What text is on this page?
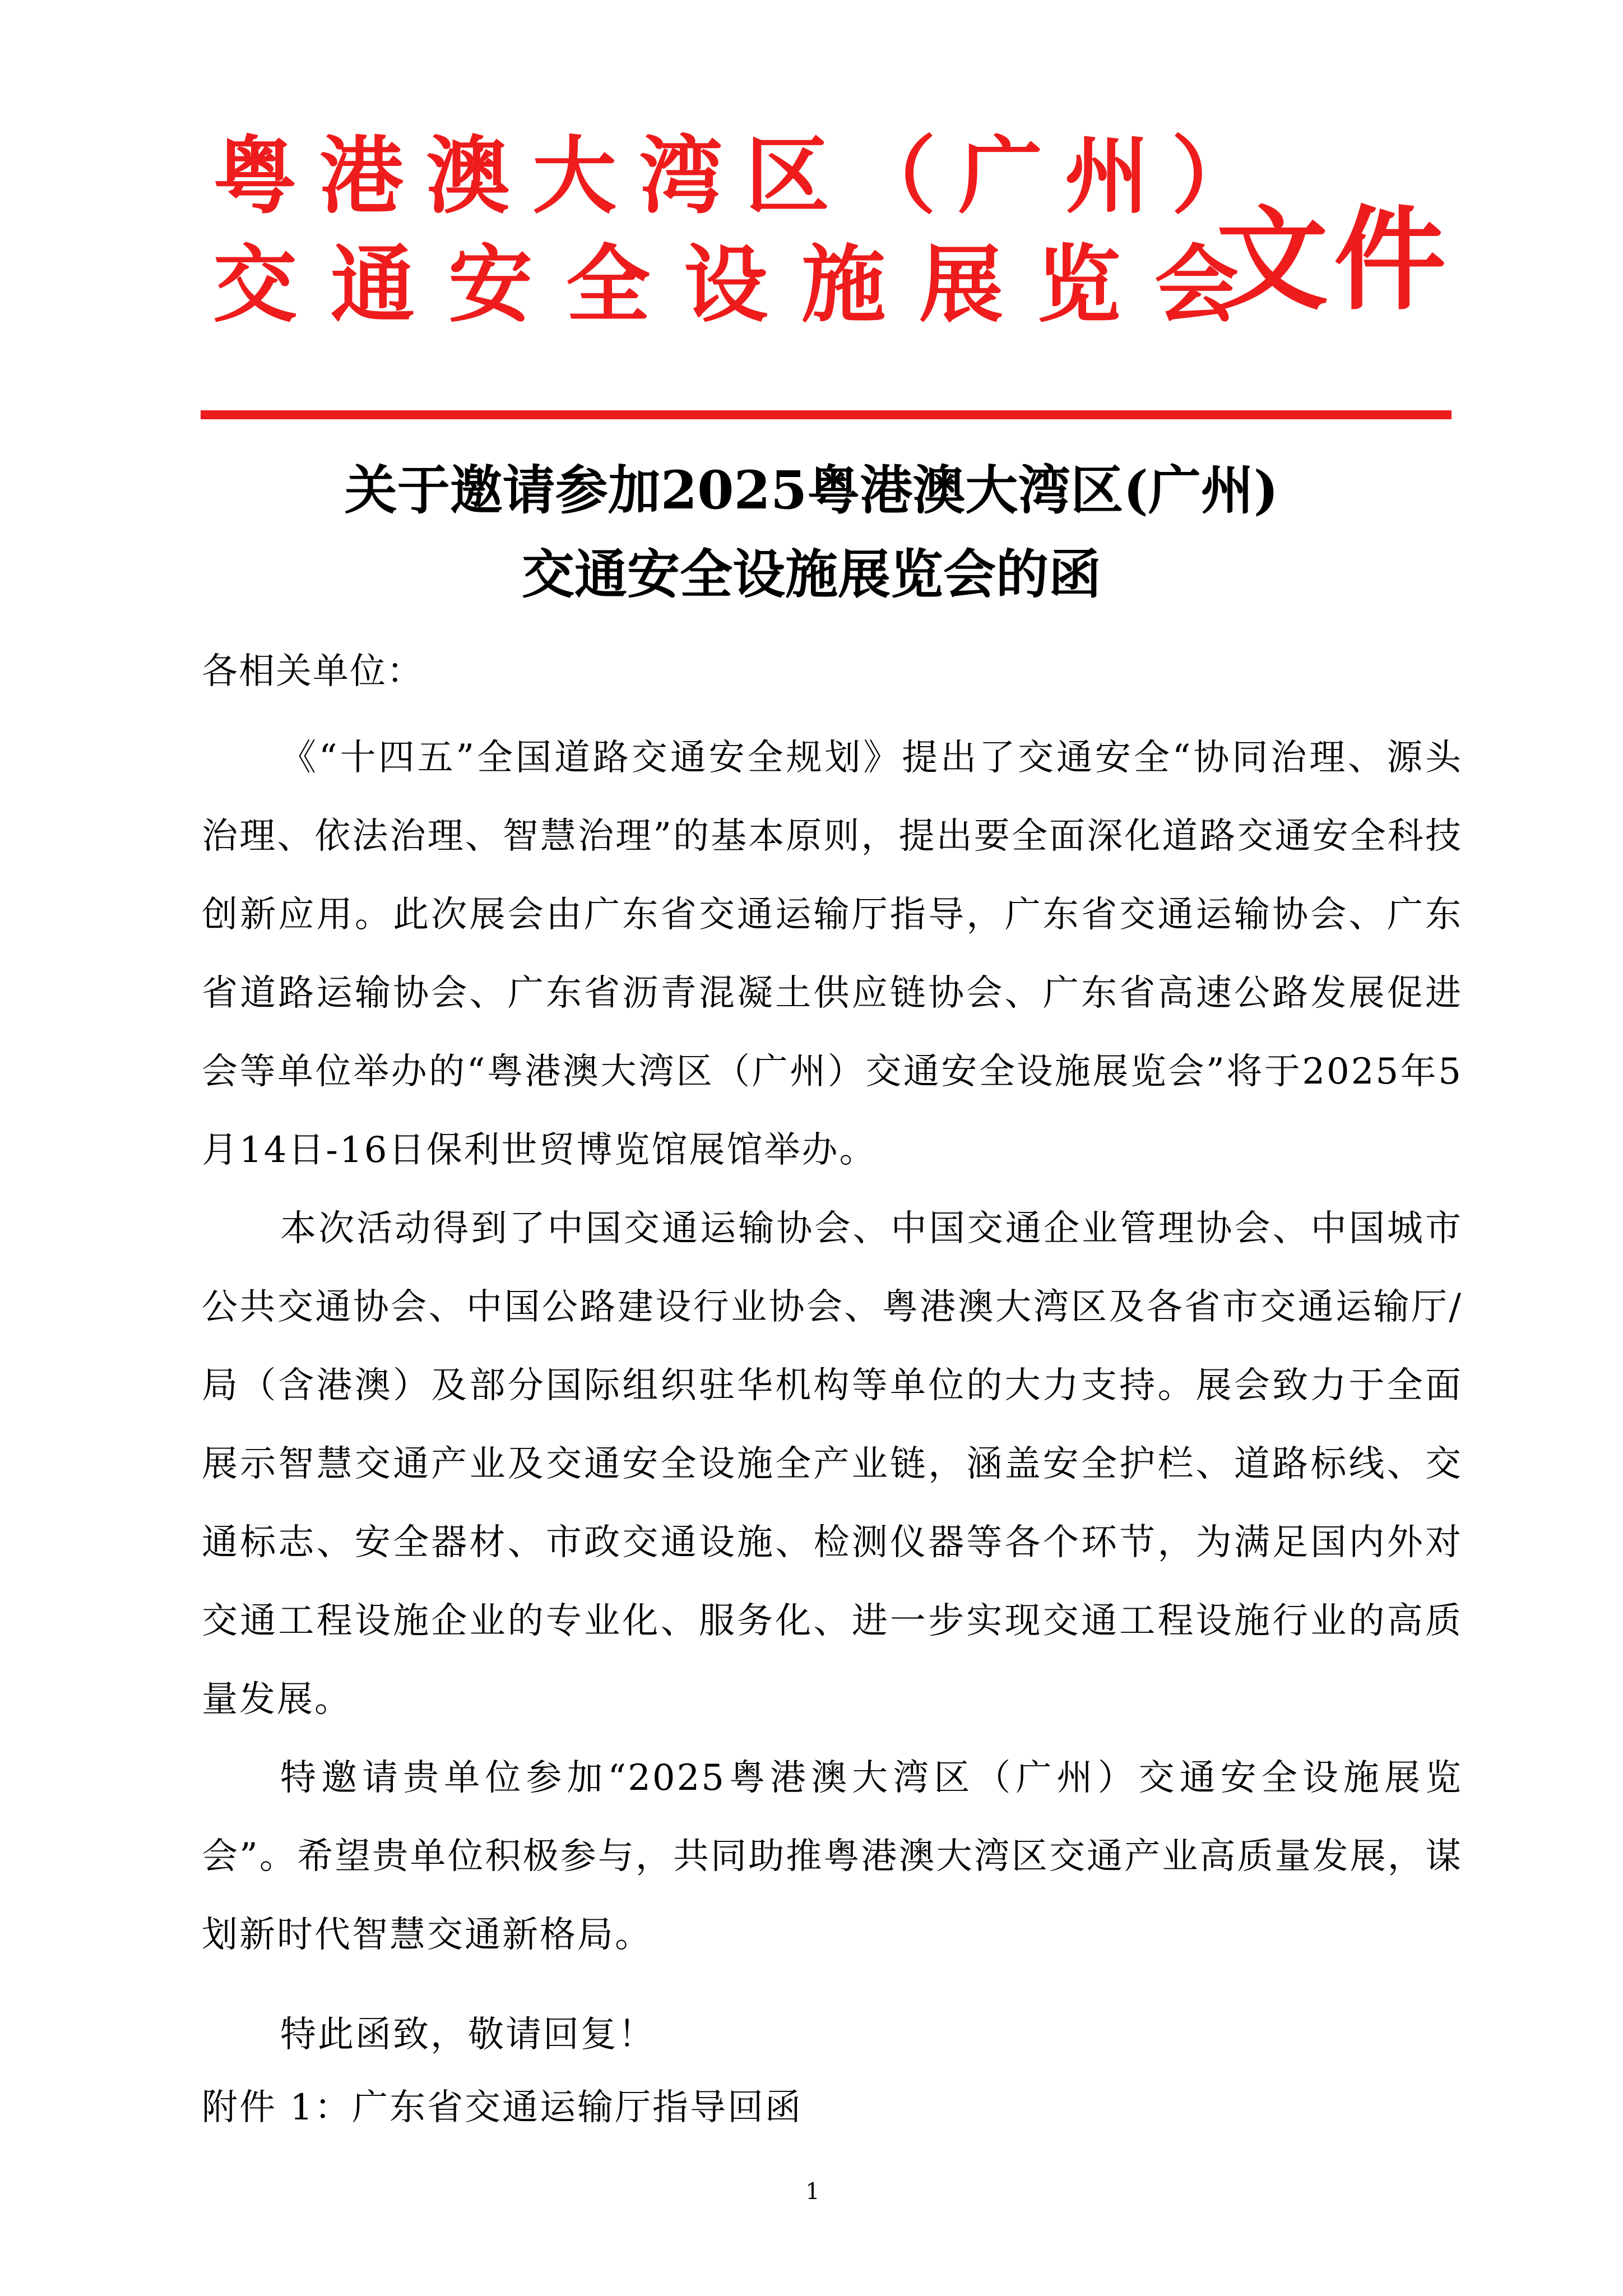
粤港澳大湾区（广州）
交通安全设施展览会
文件
关于邀请参加2025粤港澳大湾区(广州)
交通安全设施展览会的函
各相关单位：

《“十四五”全国道路交通安全规划》提出了交通安全“协同治理、源头治理、依法治理、智慧治理”的基本原则，提出要全面深化道路交通安全科技创新应用。此次展会由广东省交通运输厅指导，广东省交通运输协会、广东省道路运输协会、广东省沥青混凝土供应链协会、广东省高速公路发展促进会等单位举办的“粤港澳大湾区（广州）交通安全设施展览会”将于2025年5月14日-16日保利世贸博览馆展馆举办。

本次活动得到了中国交通运输协会、中国交通企业管理协会、中国城市公共交通协会、中国公路建设行业协会、粤港澳大湾区及各省市交通运输厅/局（含港澳）及部分国际组织驻华机构等单位的大力支持。展会致力于全面展示智慧交通产业及交通安全设施全产业链，涵盖安全护栏、道路标线、交通标志、安全器材、市政交通设施、检测仪器等各个环节，为满足国内外对交通工程设施企业的专业化、服务化、进一步实现交通工程设施行业的高质量发展。

特邀请贵单位参加“2025粤港澳大湾区（广州）交通安全设施展览会”。希望贵单位积极参与，共同助推粤港澳大湾区交通产业高质量发展，谋划新时代智慧交通新格局。

特此函致，敬请回复！
附件 1：广东省交通运输厅指导回函
1
